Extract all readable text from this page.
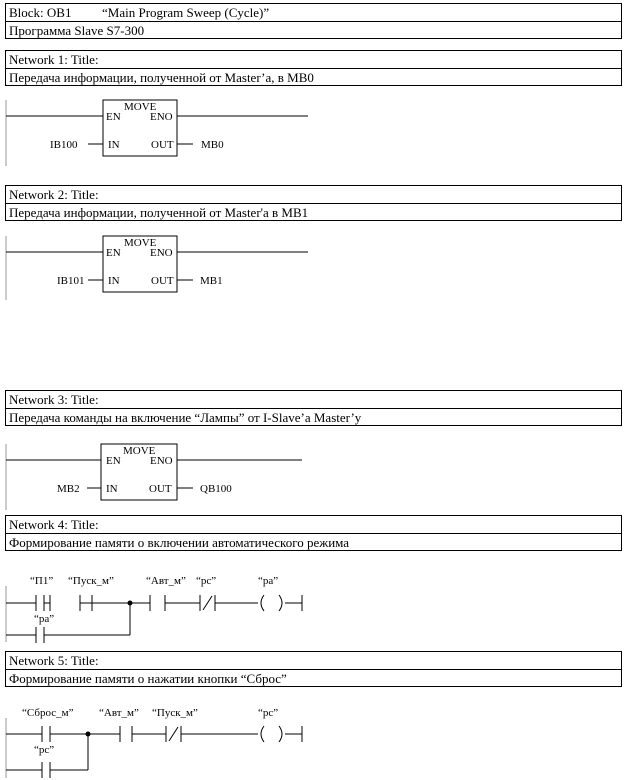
Block: OB1 “Main Program Sweep (Cycle)”
Программа Slave S7-300
Network 1: Title:
Передача информации, полученной от Master’a, в MB0
MOVE
EN	ENO
IN	OUT
IB100	MB0
Network 2: Title:
Передача информации, полученной от Master'a в MB1
MOVE
EN	ENO
IN	OUT
IB101	MB1
Network 3: Title:
Передача команды на включение “Лампы” от I-Slave’a Master’y
MOVE
EN	ENO
IN	OUT
MB2	QB100
Network 4: Title:
Формирование памяти о включении автоматического режима
“П1” “Пуск_м”	“Авт_м” “pc”	“pa”
“pa”
Network 5: Title:
Формирование памяти о нажатии кнопки “Сброс”
“Сброс_м” “Авт_м” “Пуск_м”	“pc”
“pc”
